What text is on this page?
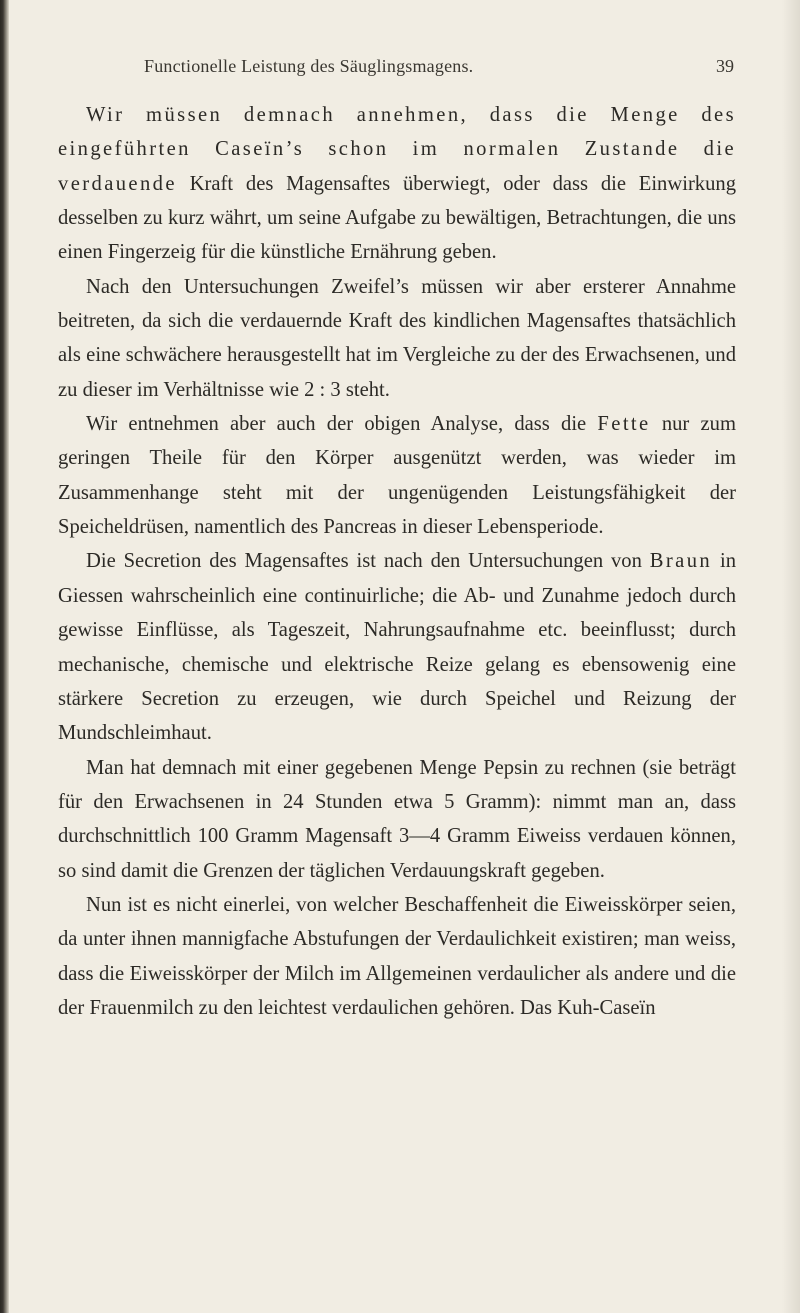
Functionelle Leistung des Säuglingsmagens.	39

Wir müssen demnach annehmen, dass die Menge des eingeführten Caseïn’s schon im normalen Zustande die verdauende Kraft des Magensaftes überwiegt, oder dass die Einwirkung desselben zu kurz währt, um seine Aufgabe zu bewältigen, Betrachtungen, die uns einen Fingerzeig für die künstliche Ernährung geben.

Nach den Untersuchungen Zweifel’s müssen wir aber ersterer Annahme beitreten, da sich die verdauernde Kraft des kindlichen Magensaftes thatsächlich als eine schwächere herausgestellt hat im Vergleiche zu der des Erwachsenen, und zu dieser im Verhältnisse wie 2 : 3 steht.

Wir entnehmen aber auch der obigen Analyse, dass die Fette nur zum geringen Theile für den Körper ausgenützt werden, was wieder im Zusammenhange steht mit der ungenügenden Leistungsfähigkeit der Speicheldrüsen, namentlich des Pancreas in dieser Lebensperiode.

Die Secretion des Magensaftes ist nach den Untersuchungen von Braun in Giessen wahrscheinlich eine continuirliche; die Ab- und Zunahme jedoch durch gewisse Einflüsse, als Tageszeit, Nahrungsaufnahme etc. beeinflusst; durch mechanische, chemische und elektrische Reize gelang es ebensowenig eine stärkere Secretion zu erzeugen, wie durch Speichel und Reizung der Mundschleimhaut.

Man hat demnach mit einer gegebenen Menge Pepsin zu rechnen (sie beträgt für den Erwachsenen in 24 Stunden etwa 5 Gramm): nimmt man an, dass durchschnittlich 100 Gramm Magensaft 3—4 Gramm Eiweiss verdauen können, so sind damit die Grenzen der täglichen Verdauungskraft gegeben.

Nun ist es nicht einerlei, von welcher Beschaffenheit die Eiweisskörper seien, da unter ihnen mannigfache Abstufungen der Verdaulichkeit existiren; man weiss, dass die Eiweisskörper der Milch im Allgemeinen verdaulicher als andere und die der Frauenmilch zu den leichtest verdaulichen gehören. Das Kuh-Caseïn
